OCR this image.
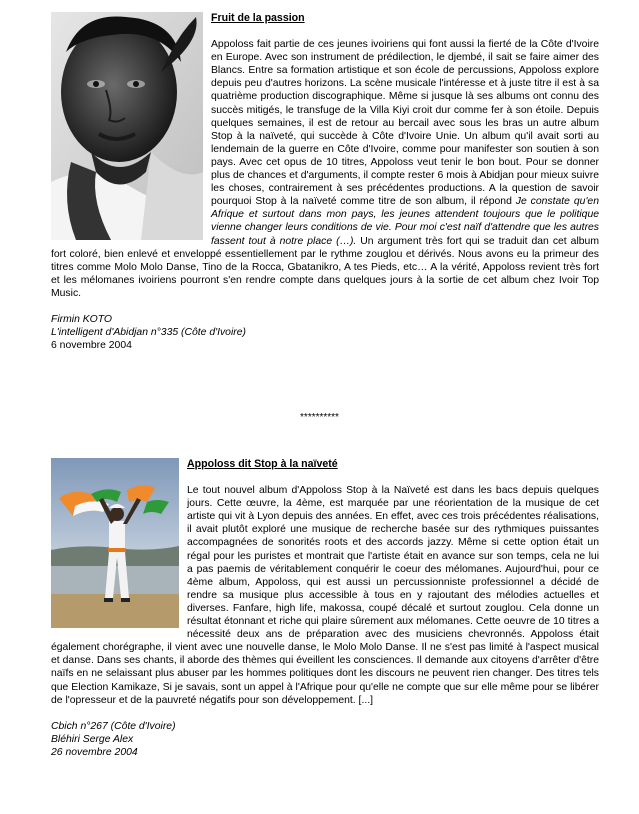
Fruit de la passion

Appoloss fait partie de ces jeunes ivoiriens qui font aussi la fierté de la Côte d'Ivoire en Europe. Avec son instrument de prédilection, le djembé, il sait se faire aimer des Blancs. Entre sa formation artistique et son école de percussions, Appoloss explore depuis peu d'autres horizons. La scène musicale l'intéresse et à juste titre il est à sa quatrième production discographique. Même si jusque là ses albums ont connu des succès mitigés, le transfuge de la Villa Kiyi croit dur comme fer à son étoile. Depuis quelques semaines, il est de retour au bercail avec sous les bras un autre album Stop à la naïveté, qui succède à Côte d'Ivoire Unie. Un album qu'il avait sorti au lendemain de la guerre en Côte d'Ivoire, comme pour manifester son soutien à son pays. Avec cet opus de 10 titres, Appoloss veut tenir le bon bout. Pour se donner plus de chances et d'arguments, il compte rester 6 mois à Abidjan pour mieux suivre les choses, contrairement à ses précédentes productions. A la question de savoir pourquoi Stop à la naïveté comme titre de son album, il répond Je constate qu'en Afrique et surtout dans mon pays, les jeunes attendent toujours que le politique vienne changer leurs conditions de vie. Pour moi c'est naïf d'attendre que les autres fassent tout à notre place (…). Un argument très fort qui se traduit dan cet album fort coloré, bien enlevé et enveloppé essentiellement par le rythme zouglou et dérivés. Nous avons eu la primeur des titres comme Molo Molo Danse, Tino de la Rocca, Gbatanikro, A tes Pieds, etc… A la vérité, Appoloss revient très fort et les mélomanes ivoiriens pourront s'en rendre compte dans quelques jours à la sortie de cet album chez Ivoir Top Music.

Firmin KOTO
L'intelligent d'Abidjan n°335 (Côte d'Ivoire)
6 novembre 2004
**********
Appoloss dit Stop à la naïveté

Le tout nouvel album d'Appoloss Stop à la Naïveté est dans les bacs depuis quelques jours. Cette œuvre, la 4ème, est marquée par une réorientation de la musique de cet artiste qui vit à Lyon depuis des années. En effet, avec ces trois précédentes réalisations, il avait plutôt exploré une musique de recherche basée sur des rythmiques puissantes accompagnées de sonorités roots et des accords jazzy. Même si cette option était un régal pour les puristes et montrait que l'artiste était en avance sur son temps, cela ne lui a pas paemis de véritablement conquérir le coeur des mélomanes. Aujourd'hui, pour ce 4ème album, Appoloss, qui est aussi un percussionniste professionnel a décidé de rendre sa musique plus accessible à tous en y rajoutant des mélodies actuelles et diverses. Fanfare, high life, makossa, coupé décalé et surtout zouglou. Cela donne un résultat étonnant et riche qui plaire sûrement aux mélomanes. Cette oeuvre de 10 titres a nécessité deux ans de préparation avec des musiciens chevronnés. Appoloss était également chorégraphe, il vient avec une nouvelle danse, le Molo Molo Danse. Il ne s'est pas limité à l'aspect musical et danse. Dans ses chants, il aborde des thèmes qui éveillent les consciences. Il demande aux citoyens d'arrêter d'être naïfs en ne selaissant plus abuser par les hommes politiques dont les discours ne peuvent rien changer. Des titres tels que Election Kamikaze, Si je savais, sont un appel à l'Afrique pour qu'elle ne compte que sur elle même pour se libérer de l'opresseur et de la pauvreté négatifs pour son développement. [...]

Cbich n°267 (Côte d'Ivoire)
Bléhiri Serge Alex
26 novembre 2004
